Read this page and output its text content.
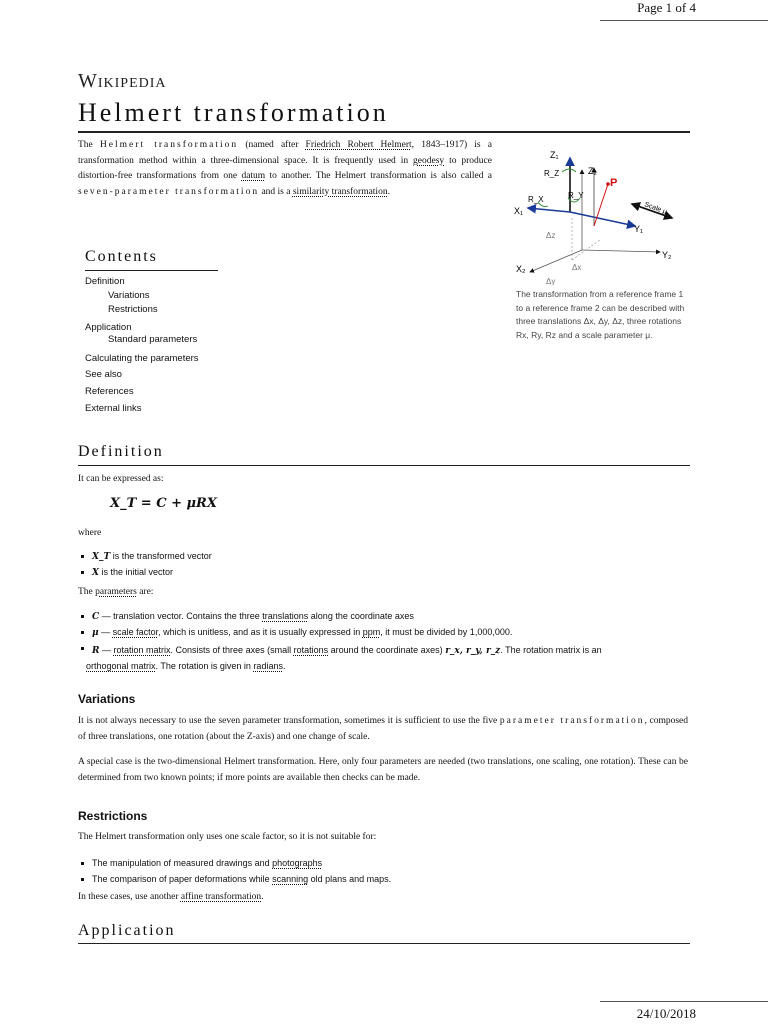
Page 1 of 4
Wikipedia
Helmert transformation
The Helmert transformation (named after Friedrich Robert Helmert, 1843–1917) is a transformation method within a three-dimensional space. It is frequently used in geodesy to produce distortion-free transformations from one datum to another. The Helmert transformation is also called a seven-parameter transformation and is a similarity transformation.
Z₁
Z₂
R_Z
R_Y
R_X
P
X₁
Y₁
Y₂
X₂
Scale μ
Δz
Δx
Δy
The transformation from a reference frame 1 to a reference frame 2 can be described with three translations Δx, Δy, Δz, three rotations Rx, Ry, Rz and a scale parameter μ.
Contents
Definition
Variations
Restrictions
Application
Standard parameters
Calculating the parameters
See also
References
External links
Definition
It can be expressed as:
X_T = C + μRX
where
X_T is the transformed vector
X is the initial vector
The parameters are:
C — translation vector. Contains the three translations along the coordinate axes
μ — scale factor, which is unitless, and as it is usually expressed in ppm, it must be divided by 1,000,000.
R — rotation matrix. Consists of three axes (small rotations around the coordinate axes) r_x, r_y, r_z. The rotation matrix is an orthogonal matrix. The rotation is given in radians.
Variations
It is not always necessary to use the seven parameter transformation, sometimes it is sufficient to use the five parameter transformation, composed of three translations, one rotation (about the Z-axis) and one change of scale.
A special case is the two-dimensional Helmert transformation. Here, only four parameters are needed (two translations, one scaling, one rotation). These can be determined from two known points; if more points are available then checks can be made.
Restrictions
The Helmert transformation only uses one scale factor, so it is not suitable for:
The manipulation of measured drawings and photographs
The comparison of paper deformations while scanning old plans and maps.
In these cases, use another affine transformation.
Application
24/10/2018
